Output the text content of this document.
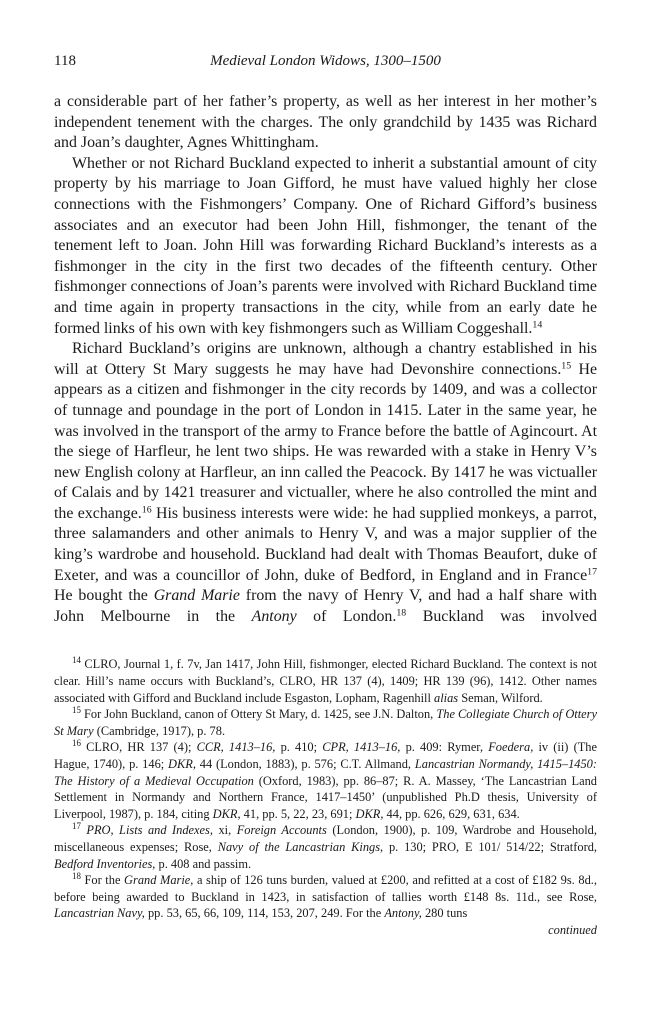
118	Medieval London Widows, 1300–1500

a considerable part of her father’s property, as well as her interest in her mother’s independent tenement with the charges. The only grandchild by 1435 was Richard and Joan’s daughter, Agnes Whittingham.

Whether or not Richard Buckland expected to inherit a substantial amount of city property by his marriage to Joan Gifford, he must have valued highly her close connections with the Fishmongers’ Company. One of Richard Gifford’s business associates and an executor had been John Hill, fishmonger, the tenant of the tenement left to Joan. John Hill was forwarding Richard Buckland’s interests as a fishmonger in the city in the first two decades of the fifteenth century. Other fishmonger connections of Joan’s parents were involved with Richard Buckland time and time again in property transactions in the city, while from an early date he formed links of his own with key fishmongers such as William Coggeshall.$^{14}$

Richard Buckland’s origins are unknown, although a chantry established in his will at Ottery St Mary suggests he may have had Devonshire connections.$^{15}$ He appears as a citizen and fishmonger in the city records by 1409, and was a collector of tunnage and poundage in the port of London in 1415. Later in the same year, he was involved in the transport of the army to France before the battle of Agincourt. At the siege of Harfleur, he lent two ships. He was rewarded with a stake in Henry V’s new English colony at Harfleur, an inn called the Peacock. By 1417 he was victualler of Calais and by 1421 treasurer and victualler, where he also controlled the mint and the exchange.$^{16}$ His business interests were wide: he had supplied monkeys, a parrot, three salamanders and other animals to Henry V, and was a major supplier of the king’s wardrobe and household. Buckland had dealt with Thomas Beaufort, duke of Exeter, and was a councillor of John, duke of Bedford, in England and in France$^{17}$ He bought the Grand Marie from the navy of Henry V, and had a half share with John Melbourne in the Antony of London.$^{18}$ Buckland was involved

$^{14}$ CLRO, Journal 1, f. 7v, Jan 1417, John Hill, fishmonger, elected Richard Buckland. The context is not clear. Hill’s name occurs with Buckland’s, CLRO, HR 137 (4), 1409; HR 139 (96), 1412. Other names associated with Gifford and Buckland include Esgaston, Lopham, Ragenhill alias Seman, Wilford.

$^{15}$ For John Buckland, canon of Ottery St Mary, d. 1425, see J.N. Dalton, The Collegiate Church of Ottery St Mary (Cambridge, 1917), p. 78.

$^{16}$ CLRO, HR 137 (4); CCR, 1413–16, p. 410; CPR, 1413–16, p. 409: Rymer, Foedera, iv (ii) (The Hague, 1740), p. 146; DKR, 44 (London, 1883), p. 576; C.T. Allmand, Lancastrian Normandy, 1415–1450: The History of a Medieval Occupation (Oxford, 1983), pp. 86–87; R. A. Massey, ‘The Lancastrian Land Settlement in Normandy and Northern France, 1417–1450’ (unpublished Ph.D thesis, University of Liverpool, 1987), p. 184, citing DKR, 41, pp. 5, 22, 23, 691; DKR, 44, pp. 626, 629, 631, 634.

$^{17}$ PRO, Lists and Indexes, xi, Foreign Accounts (London, 1900), p. 109, Wardrobe and Household, miscellaneous expenses; Rose, Navy of the Lancastrian Kings, p. 130; PRO, E 101/ 514/22; Stratford, Bedford Inventories, p. 408 and passim.

$^{18}$ For the Grand Marie, a ship of 126 tuns burden, valued at £200, and refitted at a cost of £182 9s. 8d., before being awarded to Buckland in 1423, in satisfaction of tallies worth £148 8s. 11d., see Rose, Lancastrian Navy, pp. 53, 65, 66, 109, 114, 153, 207, 249. For the Antony, 280 tuns

continued
